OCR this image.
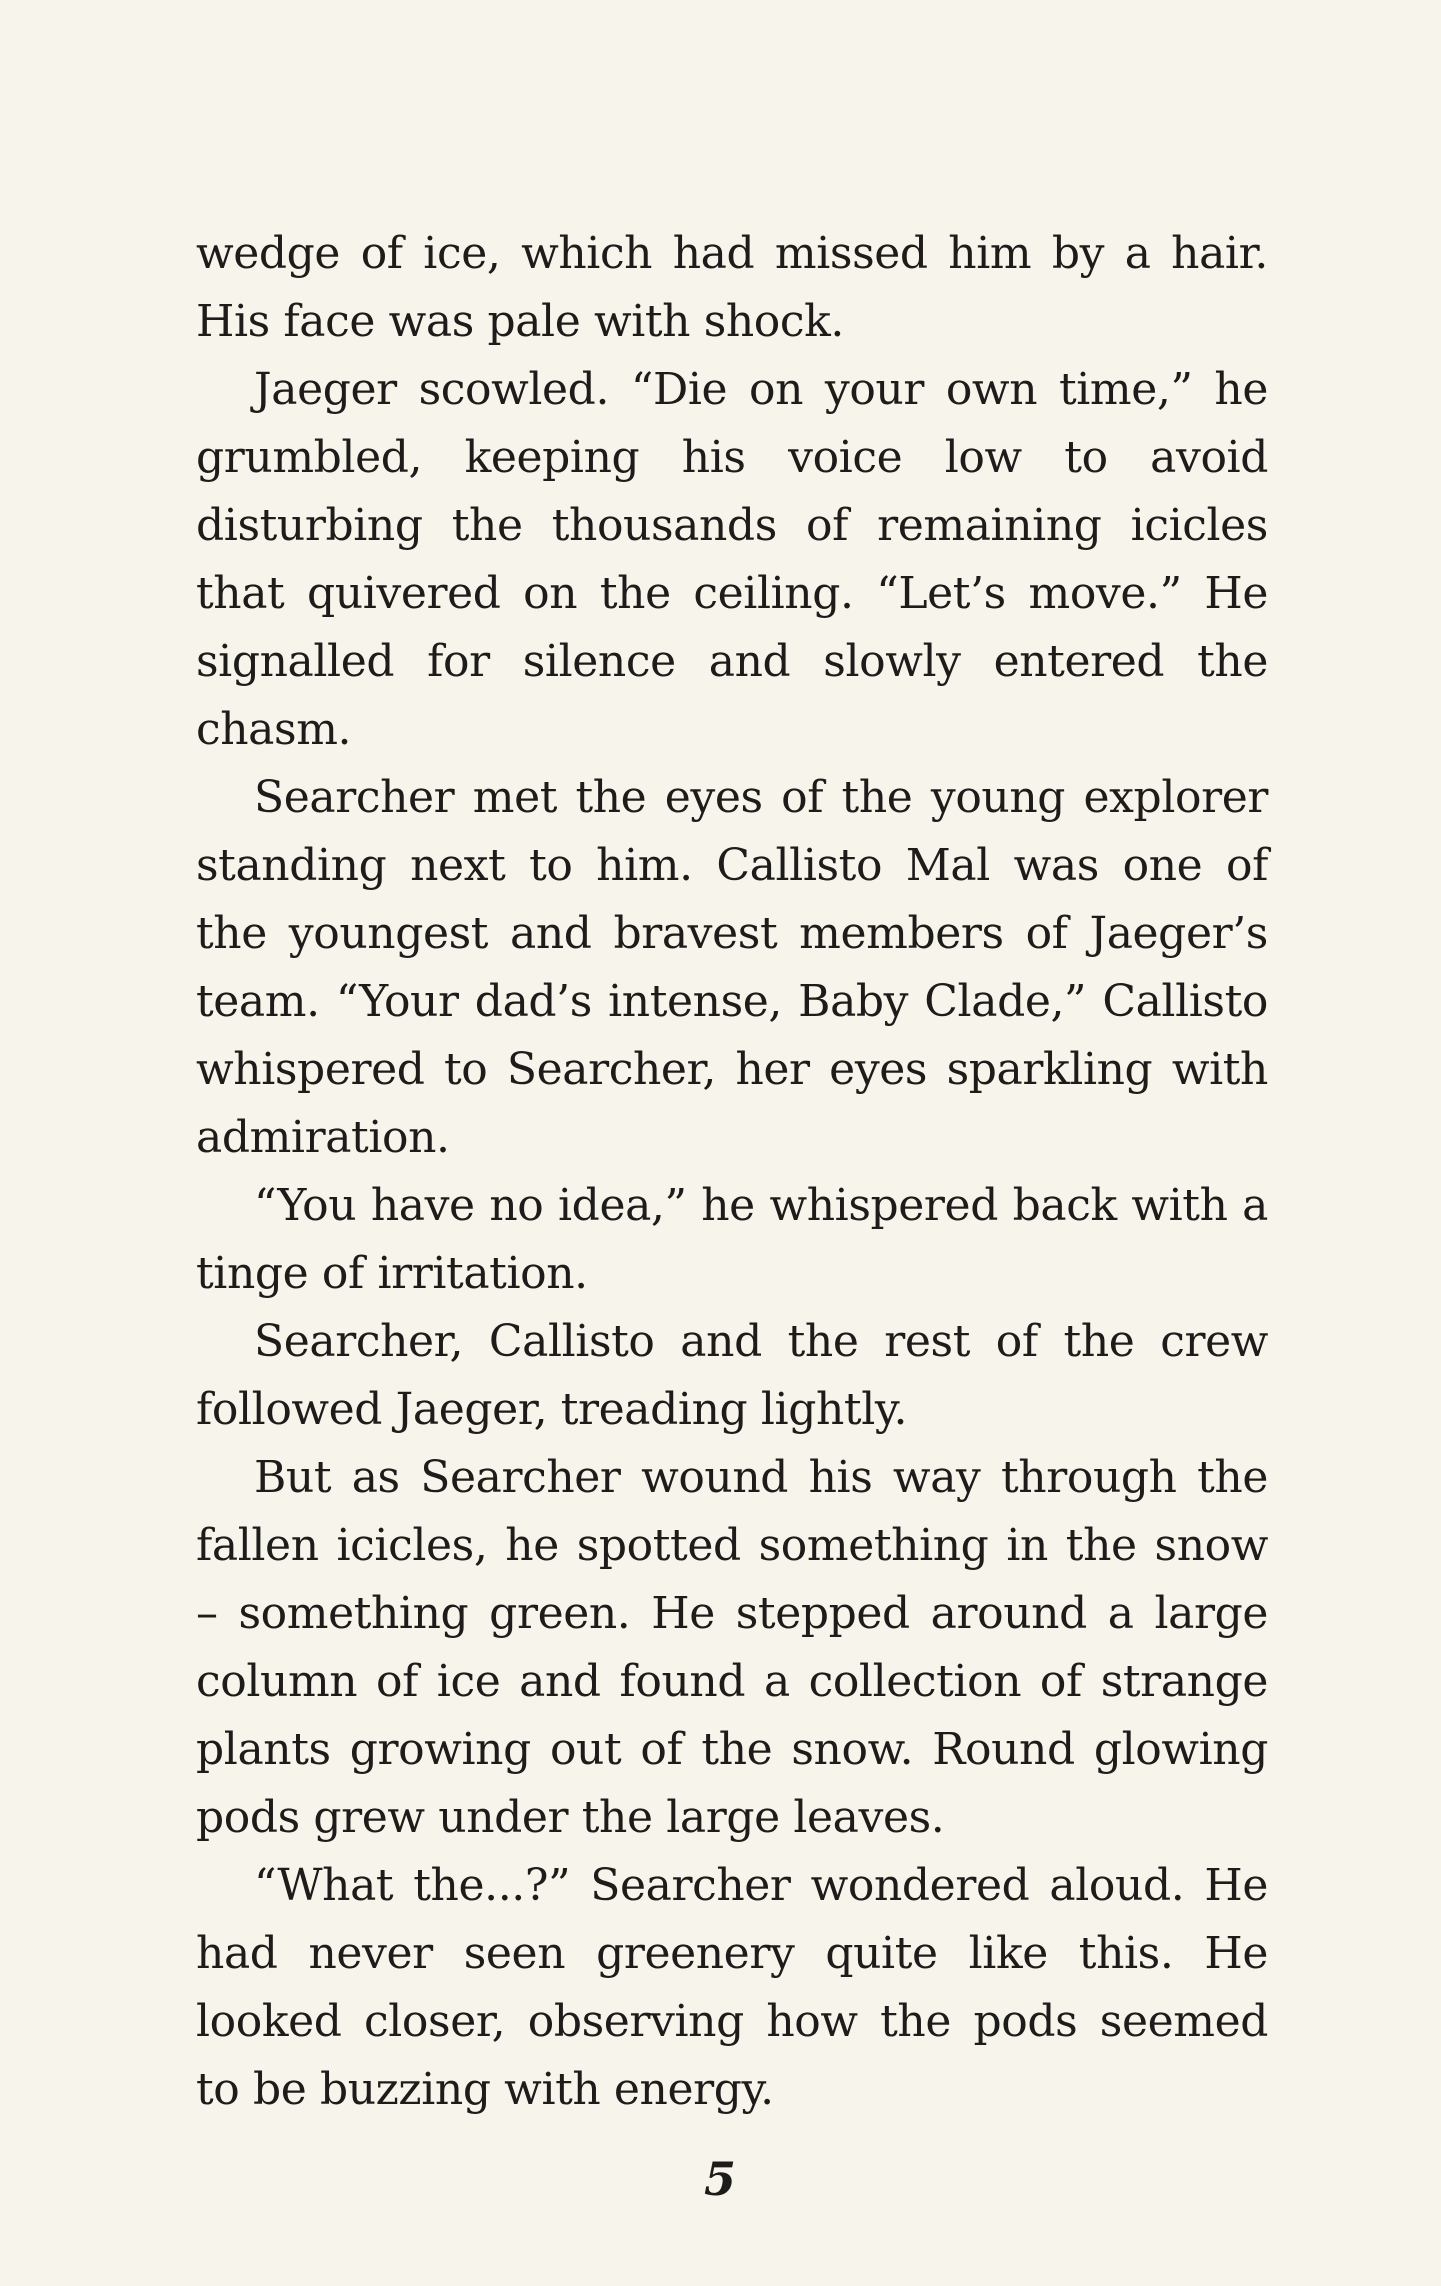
wedge of ice, which had missed him by a hair. His face was pale with shock.

Jaeger scowled. “Die on your own time,” he grumbled, keeping his voice low to avoid disturbing the thousands of remaining icicles that quivered on the ceiling. “Let’s move.” He signalled for silence and slowly entered the chasm.

Searcher met the eyes of the young explorer standing next to him. Callisto Mal was one of the youngest and bravest members of Jaeger’s team. “Your dad’s intense, Baby Clade,” Callisto whispered to Searcher, her eyes sparkling with admiration.

“You have no idea,” he whispered back with a tinge of irritation.

Searcher, Callisto and the rest of the crew followed Jaeger, treading lightly.

But as Searcher wound his way through the fallen icicles, he spotted something in the snow – something green. He stepped around a large column of ice and found a collection of strange plants growing out of the snow. Round glowing pods grew under the large leaves.

“What the...?” Searcher wondered aloud. He had never seen greenery quite like this. He looked closer, observing how the pods seemed to be buzzing with energy.

5
